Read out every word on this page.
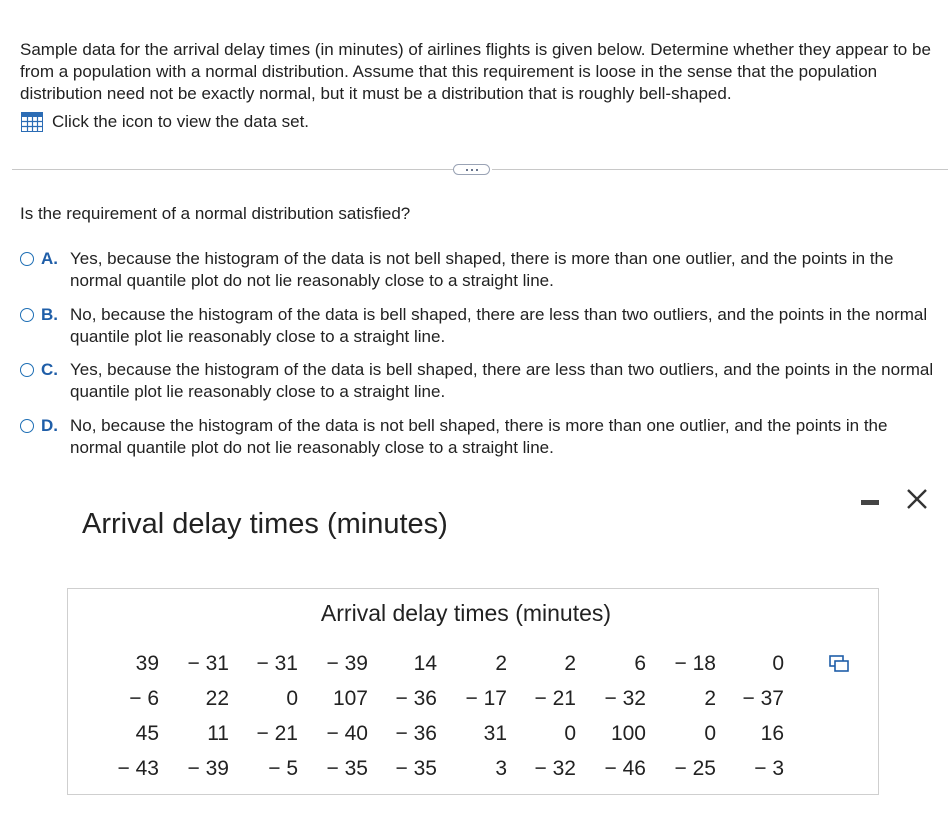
Sample data for the arrival delay times (in minutes) of airlines flights is given below. Determine whether they appear to be from a population with a normal distribution. Assume that this requirement is loose in the sense that the population distribution need not be exactly normal, but it must be a distribution that is roughly bell-shaped.
Click the icon to view the data set.
Is the requirement of a normal distribution satisfied?
A. Yes, because the histogram of the data is not bell shaped, there is more than one outlier, and the points in the normal quantile plot do not lie reasonably close to a straight line.
B. No, because the histogram of the data is bell shaped, there are less than two outliers, and the points in the normal quantile plot lie reasonably close to a straight line.
C. Yes, because the histogram of the data is bell shaped, there are less than two outliers, and the points in the normal quantile plot lie reasonably close to a straight line.
D. No, because the histogram of the data is not bell shaped, there is more than one outlier, and the points in the normal quantile plot do not lie reasonably close to a straight line.
Arrival delay times (minutes)
Arrival delay times (minutes)
39	− 31	− 31	− 39	14	2	2	6	− 18	0
− 6	22	0	107	− 36	− 17	− 21	− 32	2	− 37
45	11	− 21	− 40	− 36	31	0	100	0	16
− 43	− 39	− 5	− 35	− 35	3	− 32	− 46	− 25	− 3
